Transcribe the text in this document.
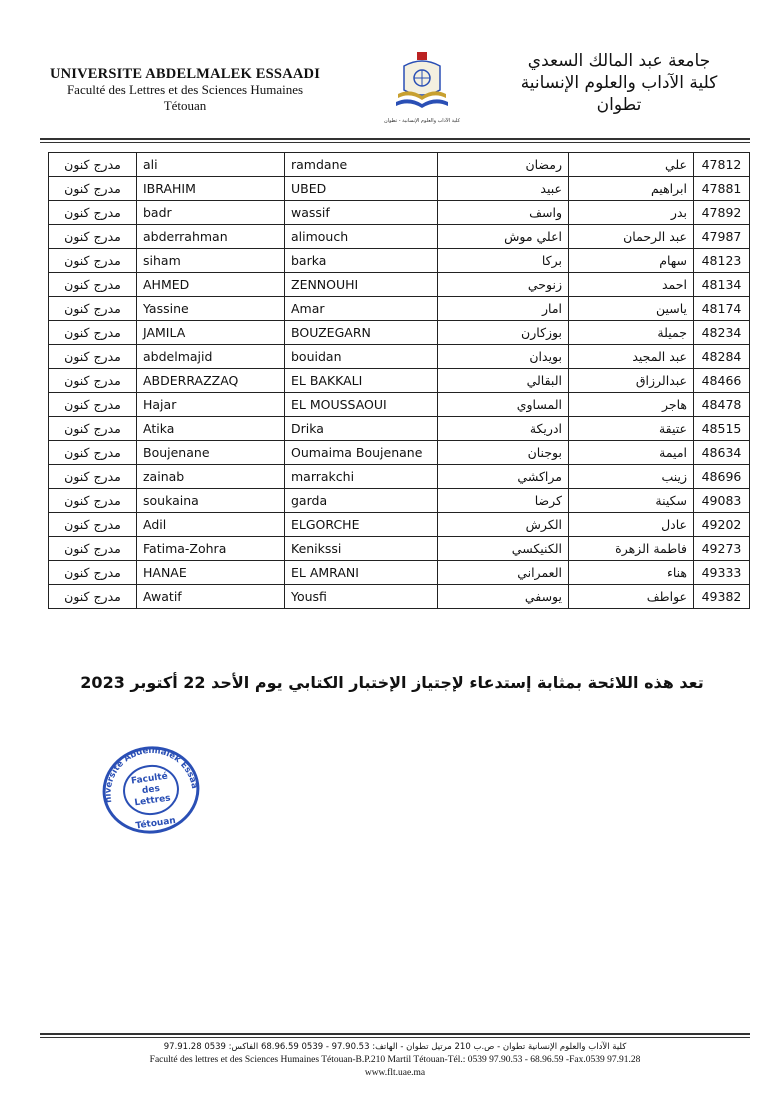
UNIVERSITE ABDELMALEK ESSAADI
Faculté des Lettres et des Sciences Humaines
Tétouan
كلية الآداب والعلوم الإنسانية - تطوان
جامعة عبد المالك السعدي
كلية الآداب والعلوم الإنسانية
تطوان
مدرج كنون	ali	ramdane	رمضان	علي	47812
مدرج كنون	IBRAHIM	UBED	عبيد	ابراهيم	47881
مدرج كنون	badr	wassif	واسف	بدر	47892
مدرج كنون	abderrahman	alimouch	اعلي موش	عبد الرحمان	47987
مدرج كنون	siham	barka	بركا	سهام	48123
مدرج كنون	AHMED	ZENNOUHI	زنوحي	احمد	48134
مدرج كنون	Yassine	Amar	امار	ياسين	48174
مدرج كنون	JAMILA	BOUZEGARN	بوزكارن	جميلة	48234
مدرج كنون	abdelmajid	bouidan	بويدان	عبد المجيد	48284
مدرج كنون	ABDERRAZZAQ	EL BAKKALI	البقالي	عبدالرزاق	48466
مدرج كنون	Hajar	EL MOUSSAOUI	المساوي	هاجر	48478
مدرج كنون	Atika	Drika	ادريكة	عتيقة	48515
مدرج كنون	Boujenane	Oumaima Boujenane	بوجنان	اميمة	48634
مدرج كنون	zainab	marrakchi	مراكشي	زينب	48696
مدرج كنون	soukaina	garda	كرضا	سكينة	49083
مدرج كنون	Adil	ELGORCHE	الكرش	عادل	49202
مدرج كنون	Fatima-Zohra	Kenikssi	الكنيكسي	فاطمة الزهرة	49273
مدرج كنون	HANAE	EL AMRANI	العمراني	هناء	49333
مدرج كنون	Awatif	Yousfi	يوسفي	عواطف	49382
تعد هذه اللائحة بمثابة إستدعاء لإجتياز الإختبار الكتابي يوم الأحد 22 أكتوبر 2023
Université Abdelmalek Essaadi
Faculté
des
Lettres
Tétouan
كلية الآداب والعلوم الإنسانية تطوان - ص.ب 210 مرتيل تطوان - الهاتف: 97.90.53 - 0539 68.96.59 الفاكس: 0539 97.91.28
Faculté des lettres et des Sciences Humaines Tétouan-B.P.210 Martil Tétouan-Tél.: 0539 97.90.53 - 68.96.59 -Fax.0539 97.91.28
www.flt.uae.ma
